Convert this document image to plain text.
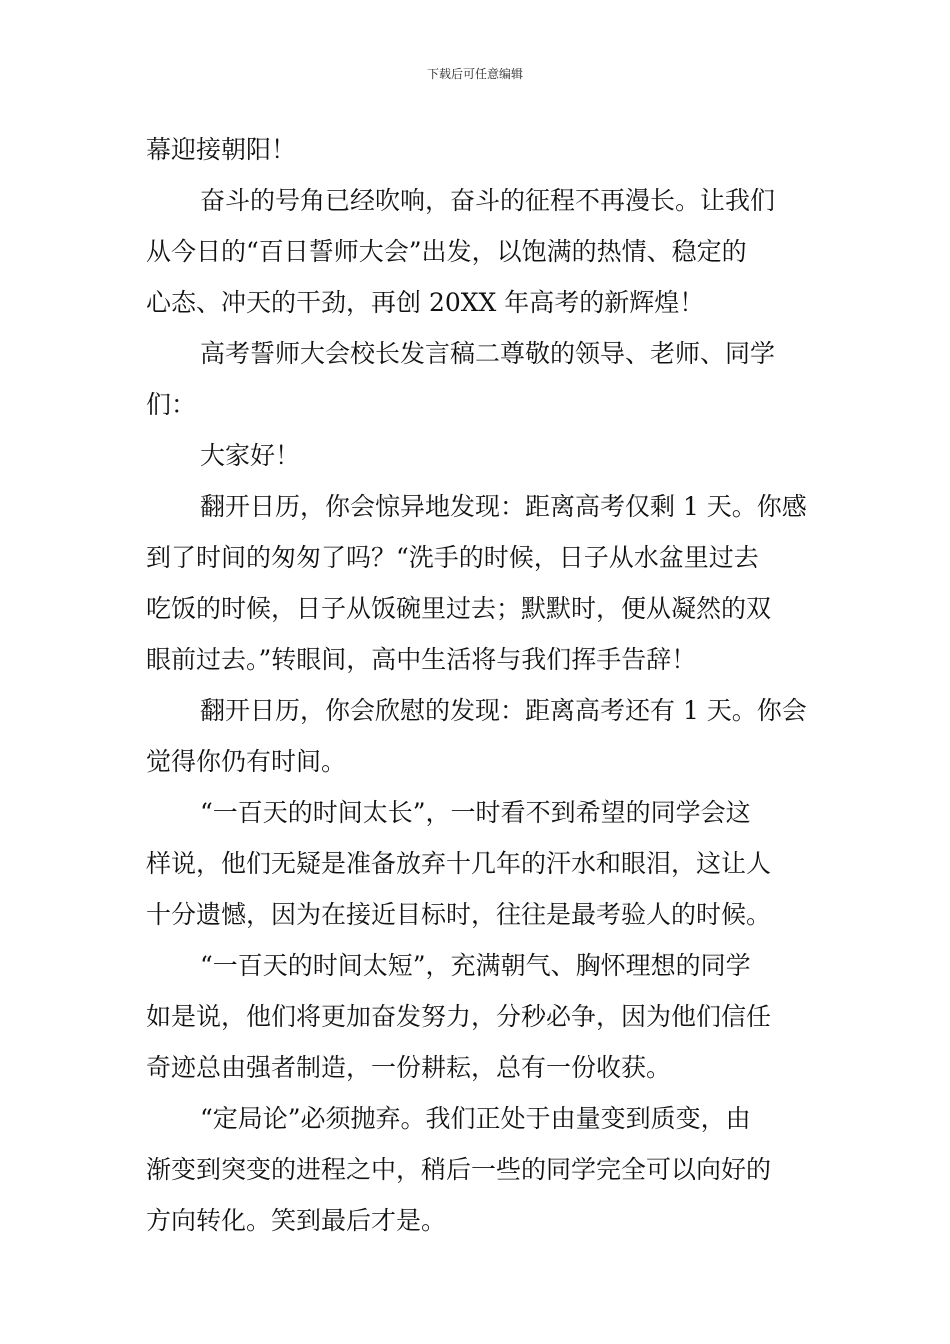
下载后可任意编辑
幕迎接朝阳！
奋斗的号角已经吹响，奋斗的征程不再漫长。让我们
从今日的“百日誓师大会”出发，以饱满的热情、稳定的
心态、冲天的干劲，再创 20XX 年高考的新辉煌！
高考誓师大会校长发言稿二尊敬的领导、老师、同学
们：
大家好！
翻开日历，你会惊异地发现：距离高考仅剩 1 天。你感
到了时间的匆匆了吗？“洗手的时候，日子从水盆里过去
吃饭的时候，日子从饭碗里过去；默默时，便从凝然的双
眼前过去。”转眼间，高中生活将与我们挥手告辞！
翻开日历，你会欣慰的发现：距离高考还有 1 天。你会
觉得你仍有时间。
“一百天的时间太长”，一时看不到希望的同学会这
样说，他们无疑是准备放弃十几年的汗水和眼泪，这让人
十分遗憾，因为在接近目标时，往往是最考验人的时候。
“一百天的时间太短”，充满朝气、胸怀理想的同学
如是说，他们将更加奋发努力，分秒必争，因为他们信任
奇迹总由强者制造，一份耕耘，总有一份收获。
“定局论”必须抛弃。我们正处于由量变到质变，由
渐变到突变的进程之中，稍后一些的同学完全可以向好的
方向转化。笑到最后才是。
